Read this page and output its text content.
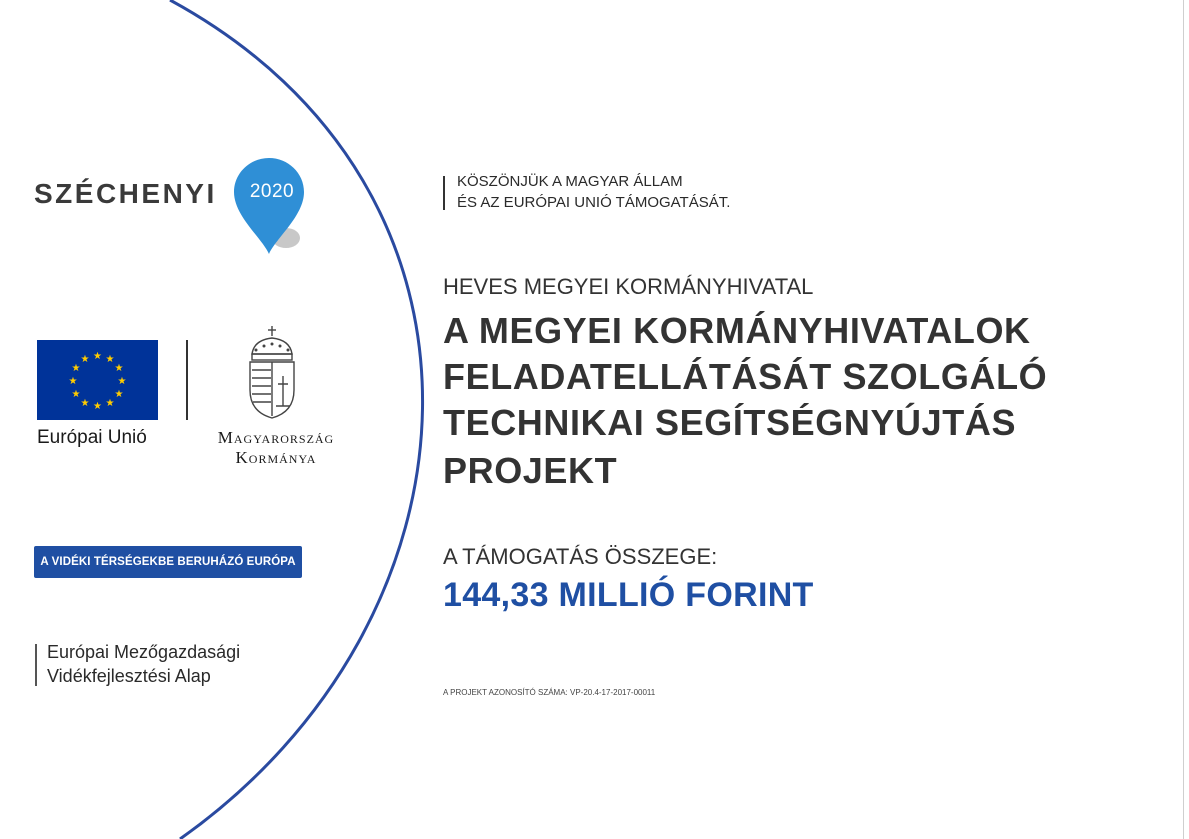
SZÉCHENYI	2020
★ ★
★
★
★
★
★
★
★
★
★
★
Európai Unió	Magyarország
Kormánya
A VIDÉKI TÉRSÉGEKBE BERUHÁZÓ EURÓPA
Európai Mezőgazdasági
Vidékfejlesztési Alap
KÖSZÖNJÜK A MAGYAR ÁLLAM
ÉS AZ EURÓPAI UNIÓ TÁMOGATÁSÁT.
HEVES MEGYEI KORMÁNYHIVATAL
A MEGYEI KORMÁNYHIVATALOK
FELADATELLÁTÁSÁT SZOLGÁLÓ
TECHNIKAI SEGÍTSÉGNYÚJTÁS
PROJEKT
A TÁMOGATÁS ÖSSZEGE:
144,33 MILLIÓ FORINT
A PROJEKT AZONOSÍTÓ SZÁMA: VP-20.4-17-2017-00011
